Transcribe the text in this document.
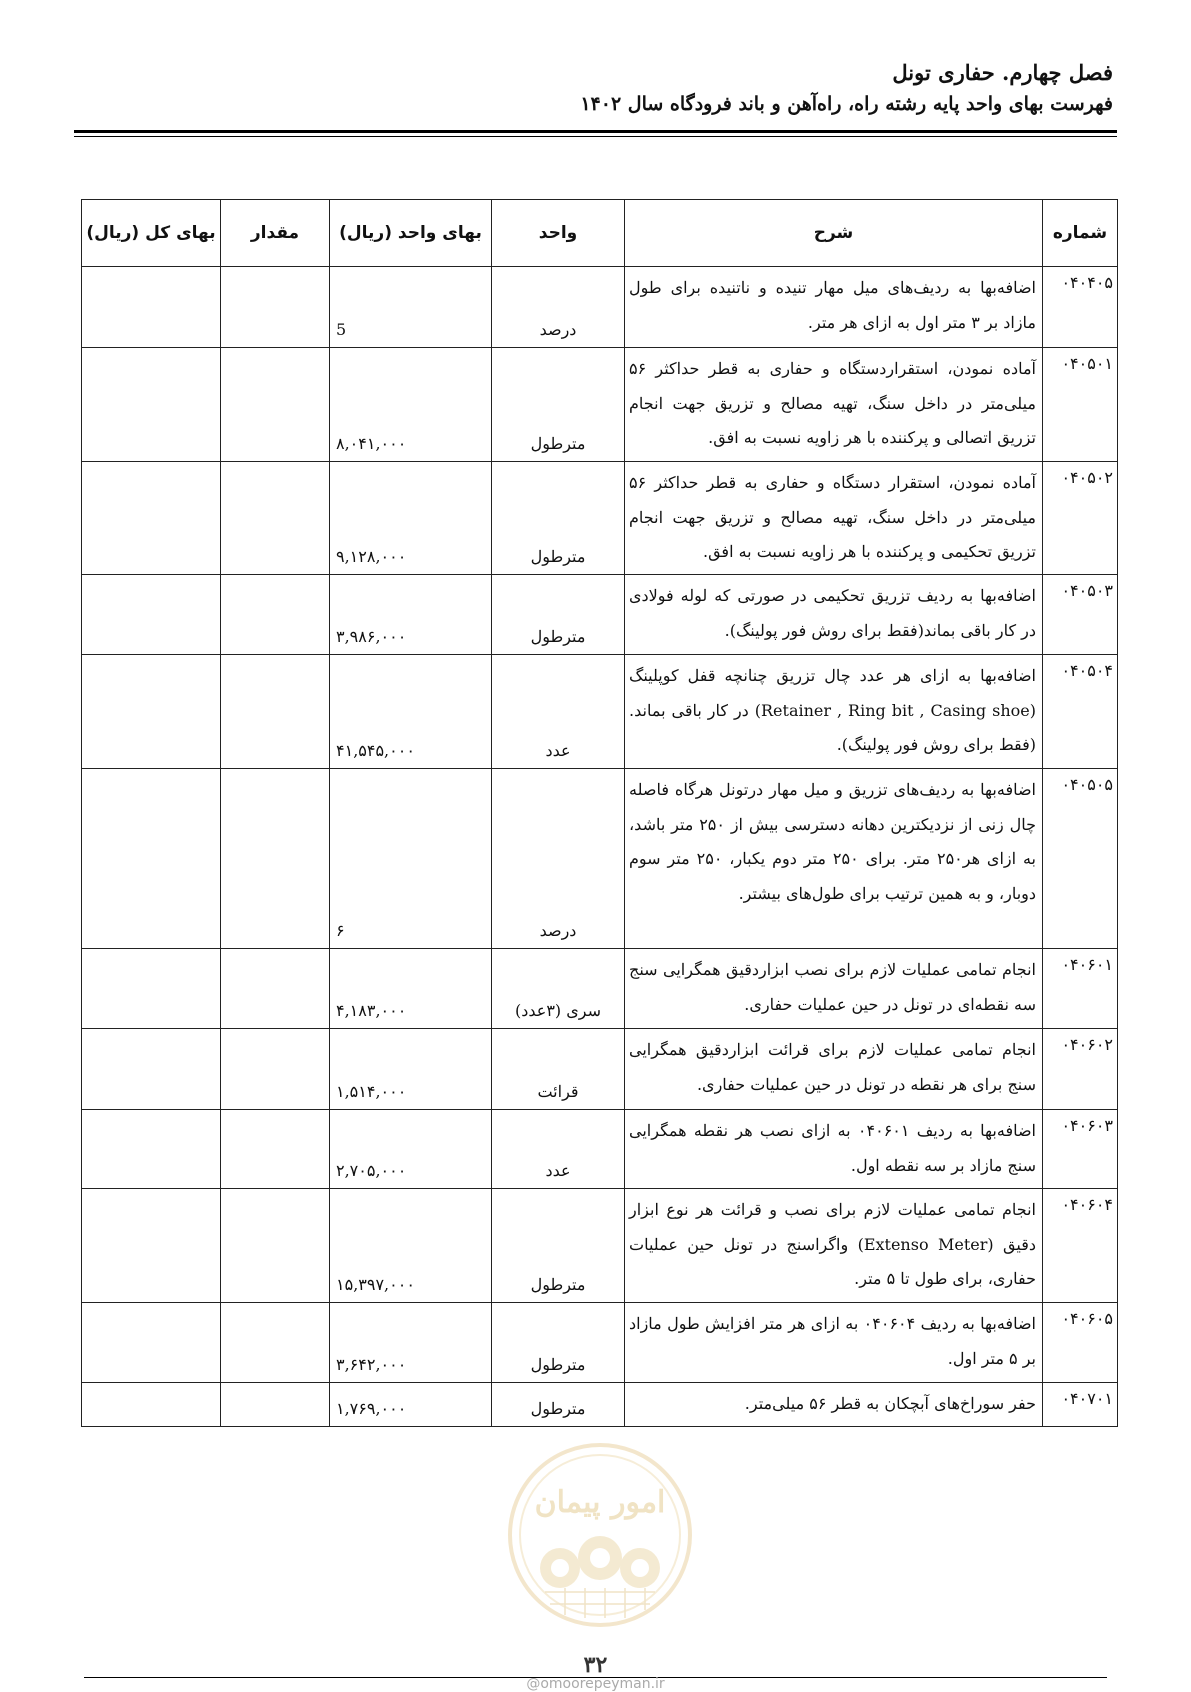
فصل چهارم. حفاری تونل
فهرست بهای واحد پایه رشته راه، راه‌آهن و باند فرودگاه سال ۱۴۰۲
شماره	شرح	واحد	بهای واحد (ریال)	مقدار	بهای کل (ریال)
۰۴۰۴۰۵	اضافه‌بها به ردیف‌های میل مهار تنیده و ناتنیده برای طول مازاد بر ۳ متر اول به ازای هر متر.	درصد	5		
۰۴۰۵۰۱	آماده نمودن، استقراردستگاه و حفاری به قطر حداکثر ۵۶ میلی‌متر در داخل سنگ، تهیه مصالح و تزریق جهت انجام تزریق اتصالی و پرکننده با هر زاویه نسبت به افق.	مترطول	۸,۰۴۱,۰۰۰		
۰۴۰۵۰۲	آماده نمودن، استقرار دستگاه و حفاری به قطر حداکثر ۵۶ میلی‌متر در داخل سنگ، تهیه مصالح و تزریق جهت انجام تزریق تحکیمی و پرکننده با هر زاویه نسبت به افق.	مترطول	۹,۱۲۸,۰۰۰		
۰۴۰۵۰۳	اضافه‌بها به ردیف تزریق تحکیمی در صورتی که لوله فولادی در کار باقی بماند(فقط برای روش فور پولینگ).	مترطول	۳,۹۸۶,۰۰۰		
۰۴۰۵۰۴	اضافه‌بها به ازای هر عدد چال تزریق چنانچه قفل کوپلینگ (Retainer , Ring bit , Casing shoe) در کار باقی بماند. (فقط برای روش فور پولینگ).	عدد	۴۱,۵۴۵,۰۰۰		
۰۴۰۵۰۵	اضافه‌بها به ردیف‌های تزریق و میل مهار درتونل هرگاه فاصله چال زنی از نزدیکترین دهانه دسترسی بیش از ۲۵۰ متر باشد، به ازای هر۲۵۰ متر. برای ۲۵۰ متر دوم یکبار، ۲۵۰ متر سوم دوبار، و به همین ترتیب برای طول‌های بیشتر.	درصد	۶		
۰۴۰۶۰۱	انجام تمامی عملیات لازم برای نصب ابزاردقیق همگرایی سنج سه نقطه‌ای در تونل در حین عملیات حفاری.	سری (۳عدد)	۴,۱۸۳,۰۰۰		
۰۴۰۶۰۲	انجام تمامی عملیات لازم برای قرائت ابزاردقیق همگرایی سنج برای هر نقطه در تونل در حین عملیات حفاری.	قرائت	۱,۵۱۴,۰۰۰		
۰۴۰۶۰۳	اضافه‌بها به ردیف ۰۴۰۶۰۱ به ازای نصب هر نقطه همگرایی سنج مازاد بر سه نقطه اول.	عدد	۲,۷۰۵,۰۰۰		
۰۴۰۶۰۴	انجام تمامی عملیات لازم برای نصب و قرائت هر نوع ابزار دقیق (Extenso Meter) واگراسنج در تونل حین عملیات حفاری، برای طول تا ۵ متر.	مترطول	۱۵,۳۹۷,۰۰۰		
۰۴۰۶۰۵	اضافه‌بها به ردیف ۰۴۰۶۰۴ به ازای هر متر افزایش طول مازاد بر ۵ متر اول.	مترطول	۳,۶۴۲,۰۰۰		
۰۴۰۷۰۱	حفر سوراخ‌های آبچکان به قطر ۵۶ میلی‌متر.	مترطول	۱,۷۶۹,۰۰۰		
امور پیمان
۳۲
@omoorepeyman.ir
